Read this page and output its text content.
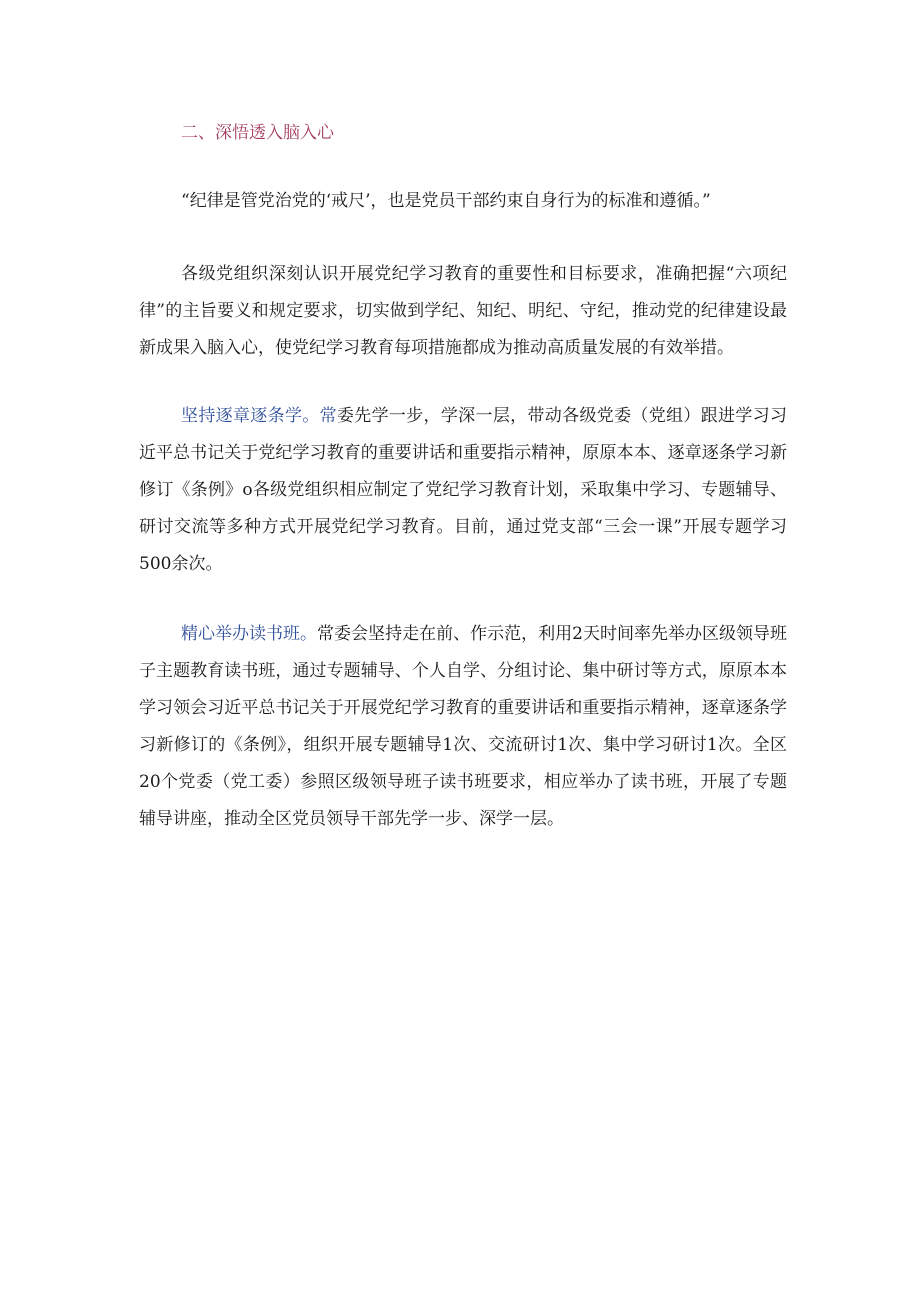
二、深悟透入脑入心
“纪律是管党治党的‘戒尺’，也是党员干部约束自身行为的标准和遵循。”

各级党组织深刻认识开展党纪学习教育的重要性和目标要求，准确把握“六项纪律”的主旨要义和规定要求，切实做到学纪、知纪、明纪、守纪，推动党的纪律建设最新成果入脑入心，使党纪学习教育每项措施都成为推动高质量发展的有效举措。

坚持逐章逐条学。常委先学一步，学深一层，带动各级党委（党组）跟进学习习近平总书记关于党纪学习教育的重要讲话和重要指示精神，原原本本、逐章逐条学习新修订《条例》o各级党组织相应制定了党纪学习教育计划，采取集中学习、专题辅导、研讨交流等多种方式开展党纪学习教育。目前，通过党支部“三会一课”开展专题学习500余次。

精心举办读书班。常委会坚持走在前、作示范，利用2天时间率先举办区级领导班子主题教育读书班，通过专题辅导、个人自学、分组讨论、集中研讨等方式，原原本本学习领会习近平总书记关于开展党纪学习教育的重要讲话和重要指示精神，逐章逐条学习新修订的《条例》，组织开展专题辅导1次、交流研讨1次、集中学习研讨1次。全区20个党委（党工委）参照区级领导班子读书班要求，相应举办了读书班，开展了专题辅导讲座，推动全区党员领导干部先学一步、深学一层。
